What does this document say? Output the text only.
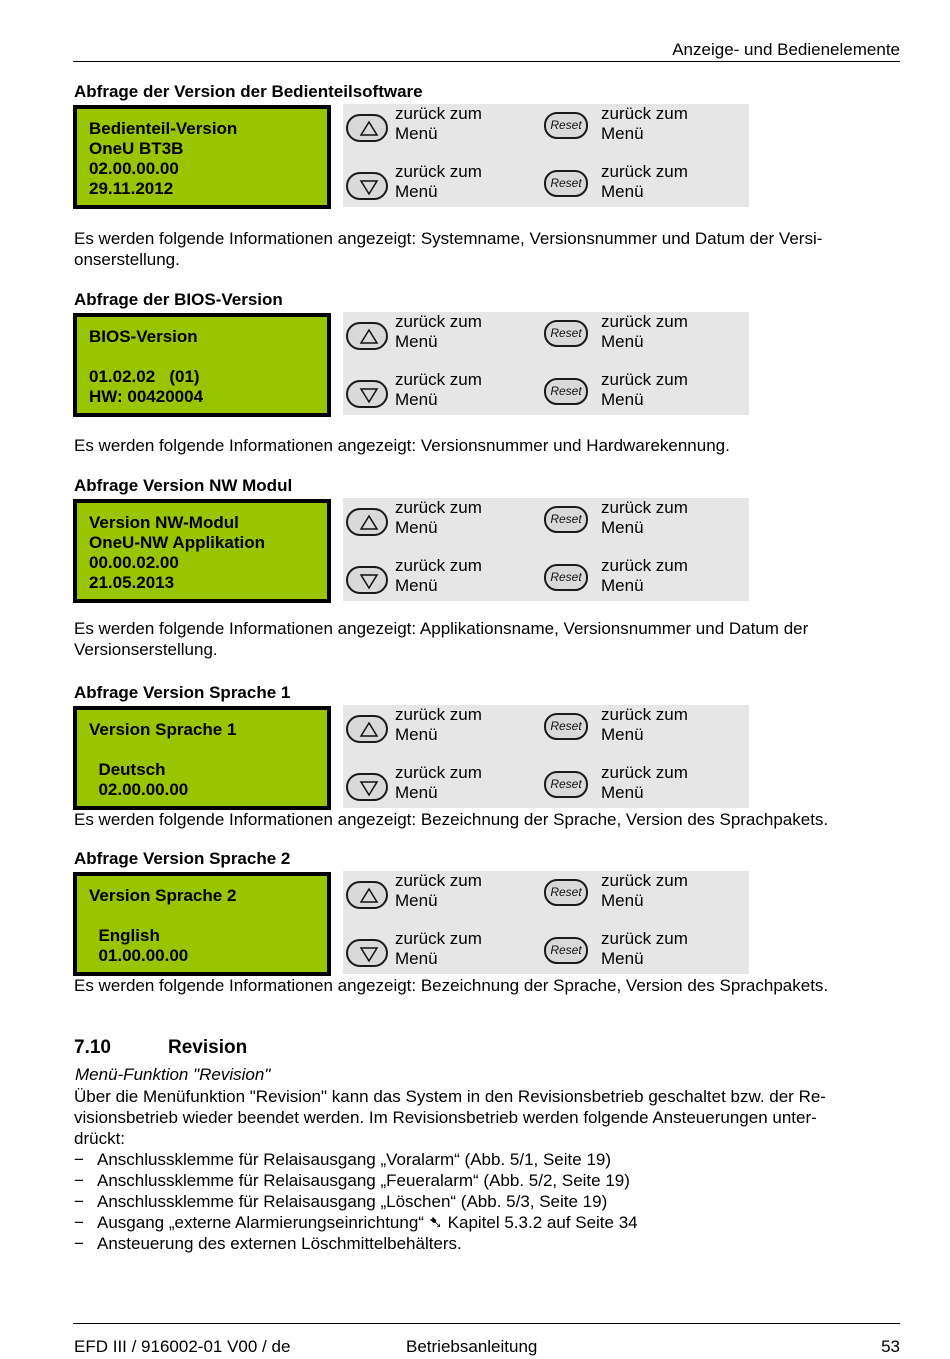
Anzeige- und Bedienelemente
Abfrage der Version der Bedienteilsoftware
Bedienteil-Version
OneU BT3B
02.00.00.00
29.11.2012
zurück zum
Menü	Reset
zurück zum
Menü
zurück zum
Menü	Reset
zurück zum
Menü
Es werden folgende Informationen angezeigt: Systemname, Versionsnummer und Datum der Versi-
onserstellung.
Abfrage der BIOS-Version
BIOS-Version
01.02.02   (01)
HW: 00420004
zurück zum
Menü	Reset
zurück zum
Menü
zurück zum
Menü	Reset
zurück zum
Menü
Es werden folgende Informationen angezeigt: Versionsnummer und Hardwarekennung.
Abfrage Version NW Modul
Version NW-Modul
OneU-NW Applikation
00.00.02.00
21.05.2013
zurück zum
Menü	Reset
zurück zum
Menü
zurück zum
Menü	Reset
zurück zum
Menü
Es werden folgende Informationen angezeigt: Applikationsname, Versionsnummer und Datum der
Versionserstellung.
Abfrage Version Sprache 1
Version Sprache 1
Deutsch
02.00.00.00
zurück zum
Menü	Reset
zurück zum
Menü
zurück zum
Menü	Reset
zurück zum
Menü
Es werden folgende Informationen angezeigt: Bezeichnung der Sprache, Version des Sprachpakets.
Abfrage Version Sprache 2
Version Sprache 2
English
01.00.00.00
zurück zum
Menü	Reset
zurück zum
Menü
zurück zum
Menü	Reset
zurück zum
Menü
Es werden folgende Informationen angezeigt: Bezeichnung der Sprache, Version des Sprachpakets.
7.10	Revision
Menü-Funktion "Revision"
Über die Menüfunktion "Revision" kann das System in den Revisionsbetrieb geschaltet bzw. der Re-
visionsbetrieb wieder beendet werden. Im Revisionsbetrieb werden folgende Ansteuerungen unter-
drückt:
− Anschlussklemme für Relaisausgang „Voralarm“ (Abb. 5/1, Seite 19)
− Anschlussklemme für Relaisausgang „Feueralarm“ (Abb. 5/2, Seite 19)
− Anschlussklemme für Relaisausgang „Löschen“ (Abb. 5/3, Seite 19)
− Ausgang „externe Alarmierungseinrichtung“ ➷ Kapitel 5.3.2 auf Seite 34
− Ansteuerung des externen Löschmittelbehälters.
EFD III / 916002-01 V00 / de	Betriebsanleitung	53
